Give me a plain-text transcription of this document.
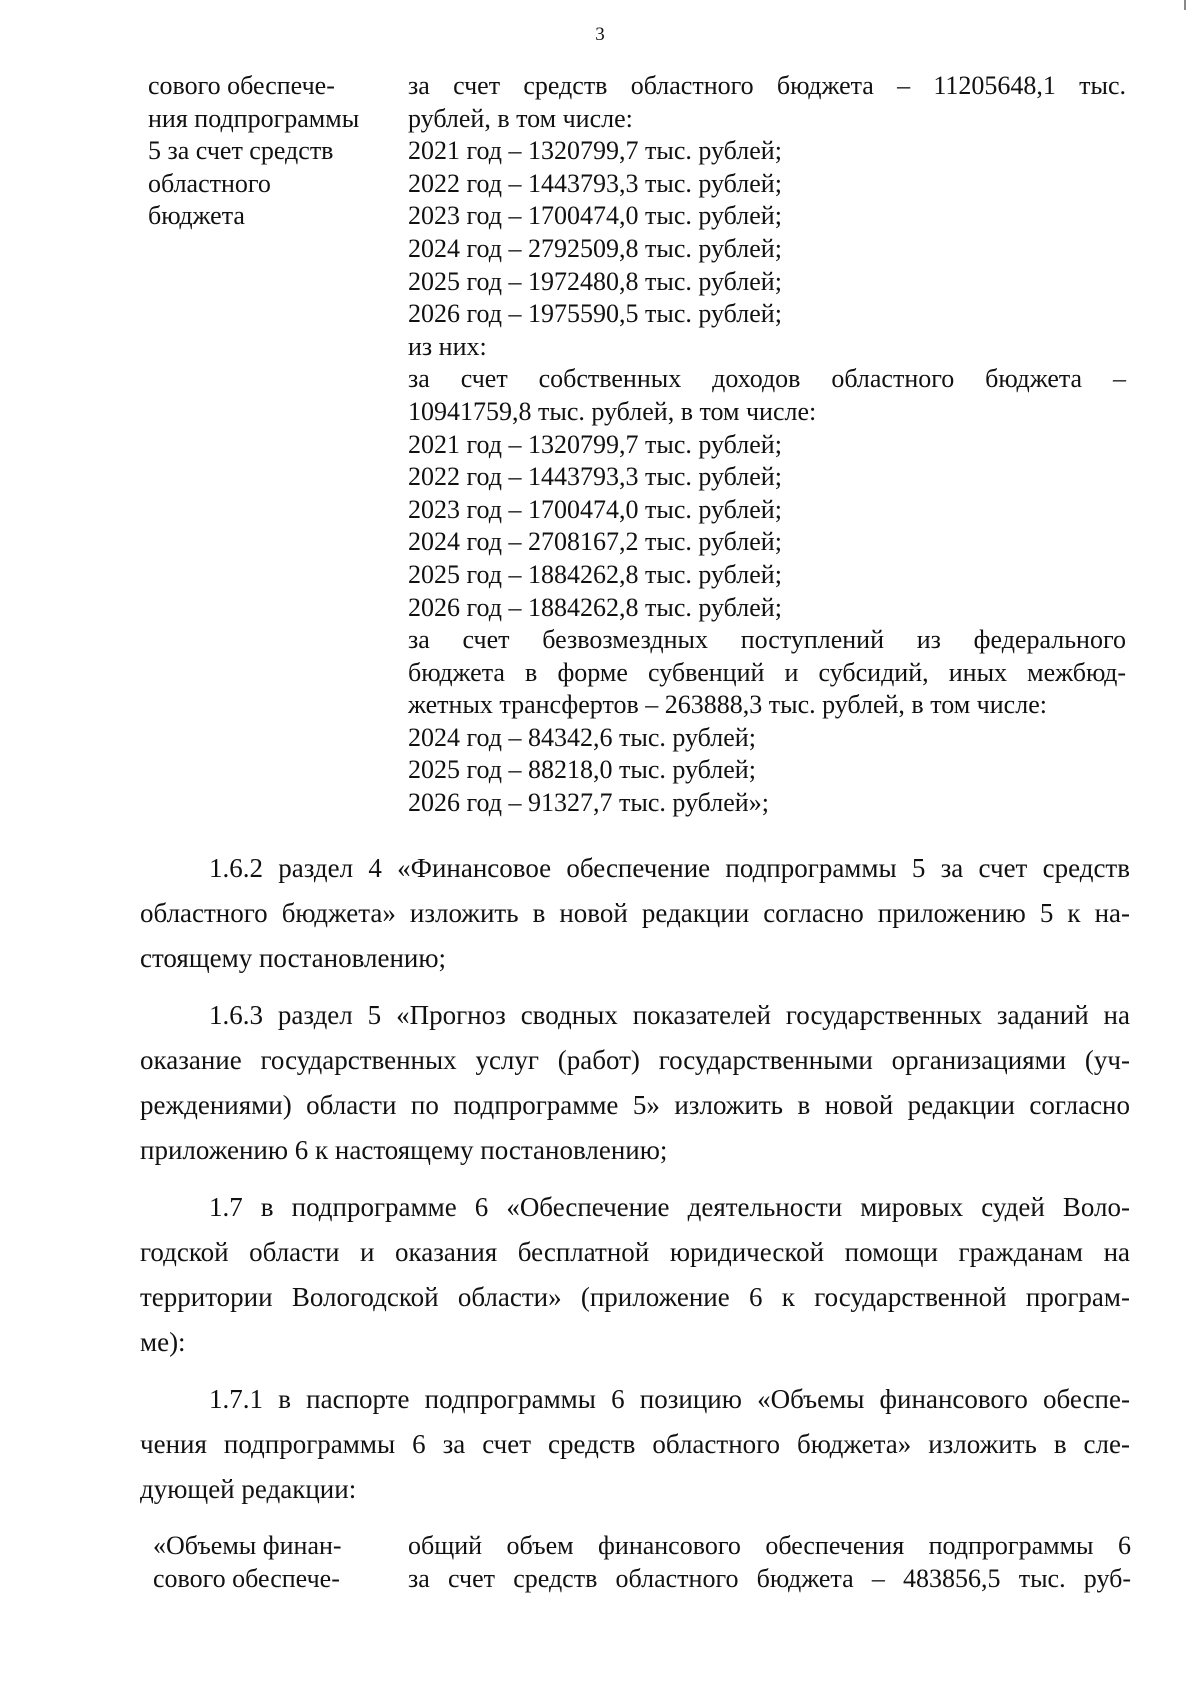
3
сового обеспече-
ния подпрограммы
5 за счет средств
областного
бюджета
за счет средств областного бюджета – 11205648,1 тыс.
рублей, в том числе:
2021 год – 1320799,7 тыс. рублей;
2022 год – 1443793,3 тыс. рублей;
2023 год – 1700474,0 тыс. рублей;
2024 год – 2792509,8 тыс. рублей;
2025 год – 1972480,8 тыс. рублей;
2026 год – 1975590,5 тыс. рублей;
из них:
за счет собственных доходов областного бюджета –
10941759,8 тыс. рублей, в том числе:
2021 год – 1320799,7 тыс. рублей;
2022 год – 1443793,3 тыс. рублей;
2023 год – 1700474,0 тыс. рублей;
2024 год – 2708167,2 тыс. рублей;
2025 год – 1884262,8 тыс. рублей;
2026 год – 1884262,8 тыс. рублей;
за счет безвозмездных поступлений из федерального
бюджета в форме субвенций и субсидий, иных межбюд-
жетных трансфертов – 263888,3 тыс. рублей, в том числе:
2024 год – 84342,6 тыс. рублей;
2025 год – 88218,0 тыс. рублей;
2026 год – 91327,7 тыс. рублей»;
1.6.2 раздел 4 «Финансовое обеспечение подпрограммы 5 за счет средств
областного бюджета» изложить в новой редакции согласно приложению 5 к на-
стоящему постановлению;
1.6.3 раздел 5 «Прогноз сводных показателей государственных заданий на
оказание государственных услуг (работ) государственными организациями (уч-
реждениями) области по подпрограмме 5» изложить в новой редакции согласно
приложению 6 к настоящему постановлению;
1.7 в подпрограмме 6 «Обеспечение деятельности мировых судей Воло-
годской области и оказания бесплатной юридической помощи гражданам на
территории Вологодской области» (приложение 6 к государственной програм-
ме):
1.7.1 в паспорте подпрограммы 6 позицию «Объемы финансового обеспе-
чения подпрограммы 6 за счет средств областного бюджета» изложить в сле-
дующей редакции:
«Объемы финан-
сового обеспече-
общий объем финансового обеспечения подпрограммы 6
за счет средств областного бюджета – 483856,5 тыс. руб-
